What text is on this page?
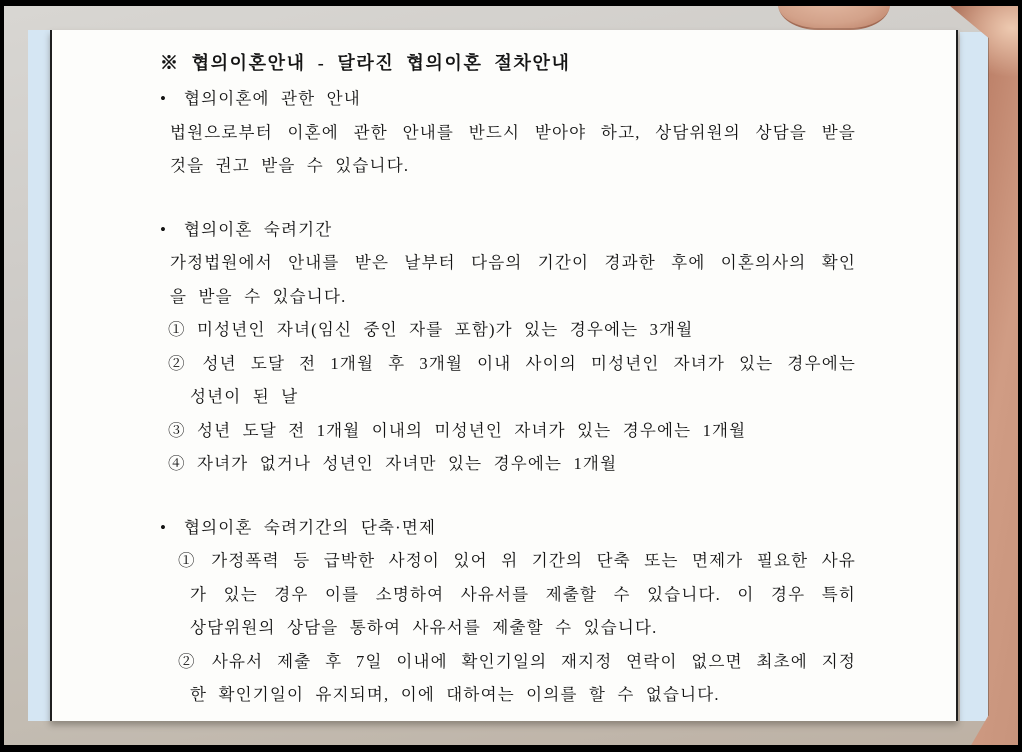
※ 협의이혼안내 - 달라진 협의이혼 절차안내
• 협의이혼에 관한 안내
법원으로부터 이혼에 관한 안내를 반드시 받아야 하고, 상담위원의 상담을 받을
것을 권고 받을 수 있습니다.
• 협의이혼 숙려기간
가정법원에서 안내를 받은 날부터 다음의 기간이 경과한 후에 이혼의사의 확인
을 받을 수 있습니다.
① 미성년인 자녀(임신 중인 자를 포함)가 있는 경우에는 3개월
② 성년 도달 전 1개월 후 3개월 이내 사이의 미성년인 자녀가 있는 경우에는
성년이 된 날
③ 성년 도달 전 1개월 이내의 미성년인 자녀가 있는 경우에는 1개월
④ 자녀가 없거나 성년인 자녀만 있는 경우에는 1개월
• 협의이혼 숙려기간의 단축·면제
① 가정폭력 등 급박한 사정이 있어 위 기간의 단축 또는 면제가 필요한 사유
가 있는 경우 이를 소명하여 사유서를 제출할 수 있습니다. 이 경우 특히
상담위원의 상담을 통하여 사유서를 제출할 수 있습니다.
② 사유서 제출 후 7일 이내에 확인기일의 재지정 연락이 없으면 최초에 지정
한 확인기일이 유지되며, 이에 대하여는 이의를 할 수 없습니다.
